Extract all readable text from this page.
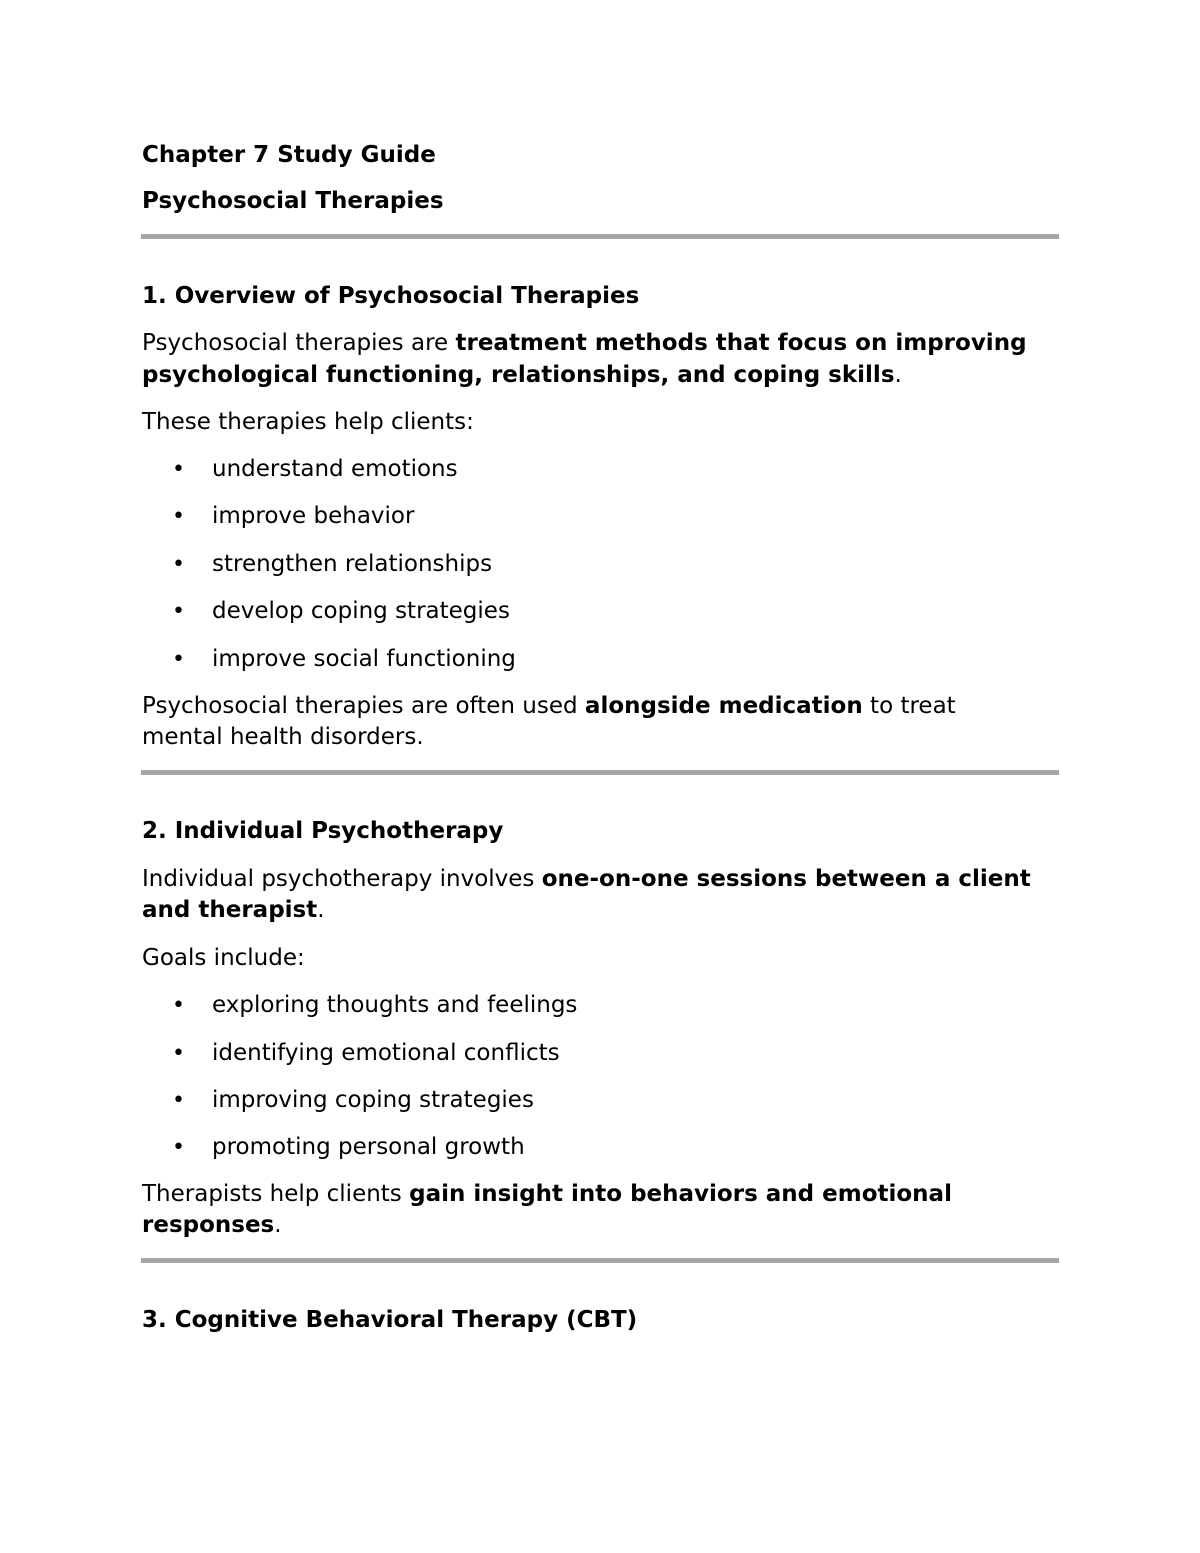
Chapter 7 Study Guide

Psychosocial Therapies

1. Overview of Psychosocial Therapies

Psychosocial therapies are treatment methods that focus on improving

psychological functioning, relationships, and coping skills.

These therapies help clients:

• understand emotions
• improve behavior
• strengthen relationships
• develop coping strategies
• improve social functioning

Psychosocial therapies are often used alongside medication to treat

mental health disorders.

2. Individual Psychotherapy

Individual psychotherapy involves one-on-one sessions between a client

and therapist.

Goals include:

• exploring thoughts and feelings
• identifying emotional conflicts
• improving coping strategies
• promoting personal growth

Therapists help clients gain insight into behaviors and emotional

responses.

3. Cognitive Behavioral Therapy (CBT)
